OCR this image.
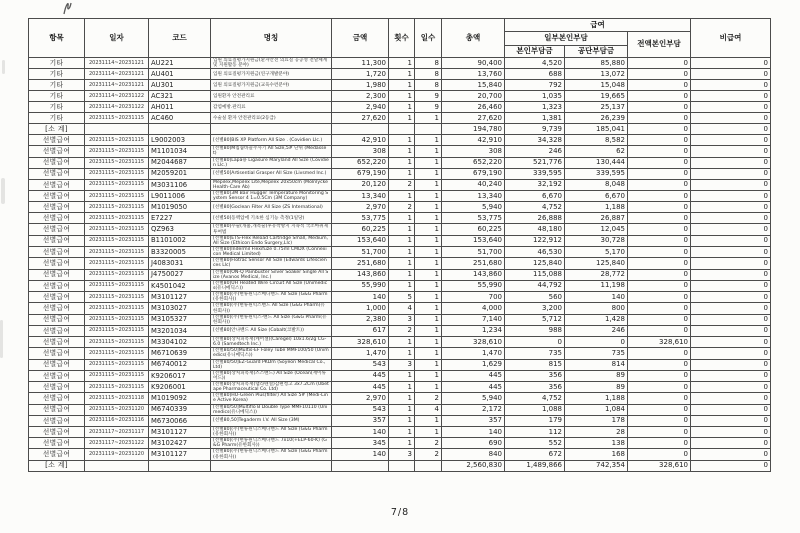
항목	일자	코드	명칭	금액	횟수	일수	총액	급여			비급여
								일부본인부담		전액본인부담	
								본인부담금	공단부담금		
기타	20231114~20231121	AU221	입원 의료질평가지원금(환자안전 의료질 공공성 전달체계 및 지원활동 분야)	11,300	1	8	90,400	4,520	85,880	0	0
기타	20231114~20231121	AU401	입원 의료질평가지원금(연구개발분야)	1,720	1	8	13,760	688	13,072	0	0
기타	20231114~20231121	AU301	입원 의료질평가지원금(교육수련분야)	1,980	1	8	15,840	792	15,048	0	0
기타	20231114~20231122	AC321	입원환자 안전관리료	2,300	1	9	20,700	1,035	19,665	0	0
기타	20231114~20231122	AH011	감염예방.관리료	2,940	1	9	26,460	1,323	25,137	0	0
기타	20231115~20231115	AC460	수술실 환자 안전관리료(2등급)	27,620	1	1	27,620	1,381	26,239	0	0
[소 계]							194,780	9,739	185,041	0	0
선별급여	20231115~20231115	L9002003	[선별80]BIS XP Platform All Size . (Covidien Llc.)	42,910	1	1	42,910	34,328	8,582	0	0
선별급여	20231115~20231115	M1101034	[선별80]M침습바늘주사기 All Size,5# 단위 (Medasset)	308	1	1	308	246	62	0	0
선별급여	20231115~20231115	M2044687	[선별80]Lapa용 Ligasure Maryland All Size (Covidien Llc.)	652,220	1	1	652,220	521,776	130,444	0	0
선별급여	20231115~20231115	M2059201	[선별50]Artisential Grasper All Size (Livsmed Inc.)	679,190	1	1	679,190	339,595	339,595	0	0
선별급여	20231115~20231115	M3031106	Mepilex,Mepilex Lite,Mepilex 20x50cm (Molnlycke Health-Care Ab)	20,120	2	1	40,240	32,192	8,048	0	0
선별급여	20231115~20231115	L9011006	[선별80]3M Bair Hugger Temperature Monitoring System Sensor 4 1=0.5Cm (3M Company)	13,340	1	1	13,340	6,670	6,670	0	0
선별급여	20231115~20231115	M1019050	[선별80]Goclean Filter All Size (ZS International)	2,970	2	1	5,940	4,752	1,188	0	0
선별급여	20231115~20231115	E7227	[선별50]동맥압에 기초한 심기능 측정(1일당)	53,775	1	1	53,775	26,888	26,887	0	0
선별급여	20231115~20231115	QZ963	[선별80]수술(개흉,개복술)후유착방지 지속적 국소마취제 투여법	60,225	1	1	60,225	48,180	12,045	0	0
선별급여	20231115~20231115	B1101002	[선별80]ETS-Flex Reload Cartridge Small, Medium,All Size (Ethicon Endo Surgery,Llc)	153,640	1	1	153,640	122,912	30,728	0	0
선별급여	20231115~20231115	B3320005	[선별80]Indermil Flexifuze 0.75ml CMDX (Connexicon Medical Limited)	51,700	1	1	51,700	46,530	5,170	0	0
선별급여	20231115~20231115	J4083031	[선별80]Flotrac Sensor All Size (Edwards Lifesciences Llc)	251,680	1	1	251,680	125,840	125,840	0	0
선별급여	20231115~20231115	J4750027	[선별80]ON-Q Painbuster Silver Soaker Single All Size (Avanos Medical, Inc.)	143,860	1	1	143,860	115,088	28,772	0	0
선별급여	20231115~20231115	K4501042	[선별80]UH Heated Wire Circuit All Size (Unimedics(유니메딕스))	55,990	1	1	55,990	44,792	11,198	0	0
선별급여	20231115~20231115	M3101127	[선별80](주)현류원닉스메디밴드 All Size (G&G Pharm(유한회사))	140	5	1	700	560	140	0	0
선별급여	20231115~20231115	M3103027	[선별80](주)현류원믹스밴드 All Size (G&G Pharm(유한회사))	1,000	4	1	4,000	3,200	800	0	0
선별급여	20231115~20231115	M3105327	[선별80](주)현류원믹스-밴드 All Size (G&G Pharm(유한회사))	2,380	3	1	7,140	5,712	1,428	0	0
선별급여	20231115~20231115	M3201034	[선별80]안나밴드 All Size (Cobalt(코발트))	617	2	1	1,234	988	246	0	0
선별급여	20231115~20231115	M3304102	[선별80]상처피복재(케어젤)(Caregel) 10x1.6/2g CG-6.0 (Samedtech Inc.)	328,610	1	1	328,610	0	0	328,610	0
선별급여	20231115~20231115	M6710639	[선별80/50]Multis-EF Foley Tube MMF100/50 (Unimedics(유니메딕스))	1,470	1	1	1,470	735	735	0	0
선별급여	20231115~20231115	M6740012	[선별80/50]EZ-Guard PKDm (Soyeon Medical Co., Ltd)	543	3	1	1,629	815	814	0	0
선별급여	20231115~20231115	K9206017	[선별80]상처피복재(즈스밴드) All Size (Ocean(재이류어드))	445	1	1	445	356	89	0	0
선별급여	20231115~20231115	K9206001	[선별80]상처피복재(랩라텐셜)갑편청고 3x7.2Cm (Ubetape Pharmaceutical Co. Ltd)	445	1	1	445	356	89	0	0
선별급여	20231115~20231118	M1019092	[선별80]HU-Green Plus(filter) All Size 5# (Medi-Line Active Korea)	2,970	1	2	5,940	4,752	1,188	0	0
선별급여	20231115~20231120	M6740339	[선별80/50]Multiflo B Double Type MMF10110 (Unimedics(유니메딕스))	543	1	4	2,172	1,088	1,084	0	0
선별급여	20231116~20231116	M6730066	[선별80,50]Tegaderm I.V. All Size (3M)	357	1	1	357	179	178	0	0
선별급여	20231117~20231117	M3101127	[선별80](주)현류원닉스메디밴드 All Size (G&G Pharm(유한회사))	140	1	1	140	112	28	0	0
선별급여	20231117~20231122	M3102427	[선별80](주)현류원닉스메디밴드 7x10(+ELP-60-K) (G&G Pharm(유한회사))	345	1	2	690	552	138	0	0
선별급여	20231119~20231120	M3101127	[선별80](주)현류원닉스메디밴드 All Size (G&G Pharm(유한회사))	140	3	2	840	672	168	0	0
[소 계]							2,560,830	1,489,866	742,354	328,610	0
7/8
